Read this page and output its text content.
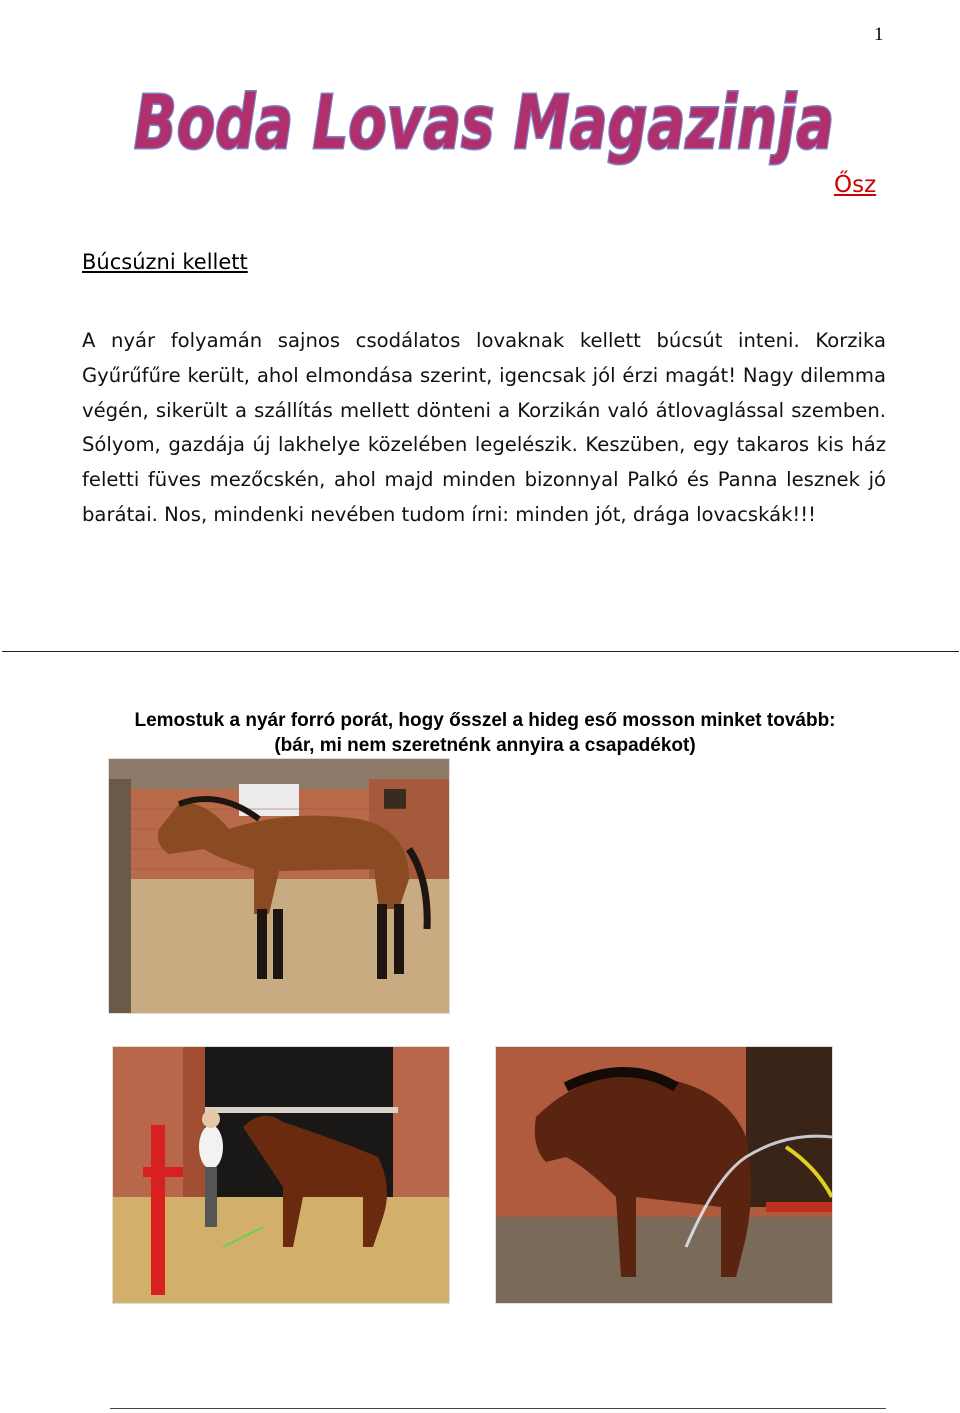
1
Boda Lovas Magazinja
Ősz
Búcsúzni kellett
A nyár folyamán sajnos csodálatos lovaknak kellett búcsút inteni. Korzika Gyűrűfűre került, ahol elmondása szerint, igencsak jól érzi magát! Nagy dilemma végén, sikerült a szállítás mellett dönteni a Korzikán való átlovaglással szemben. Sólyom, gazdája új lakhelye közelében legelészik. Keszüben, egy takaros kis ház feletti füves mezőcskén, ahol majd minden bizonnyal Palkó és Panna lesznek jó barátai. Nos, mindenki nevében tudom írni: minden jót, drága lovacskák!!!
Lemostuk a nyár forró porát, hogy ősszel a hideg eső mosson minket tovább:
(bár, mi nem szeretnénk annyira a csapadékot)
